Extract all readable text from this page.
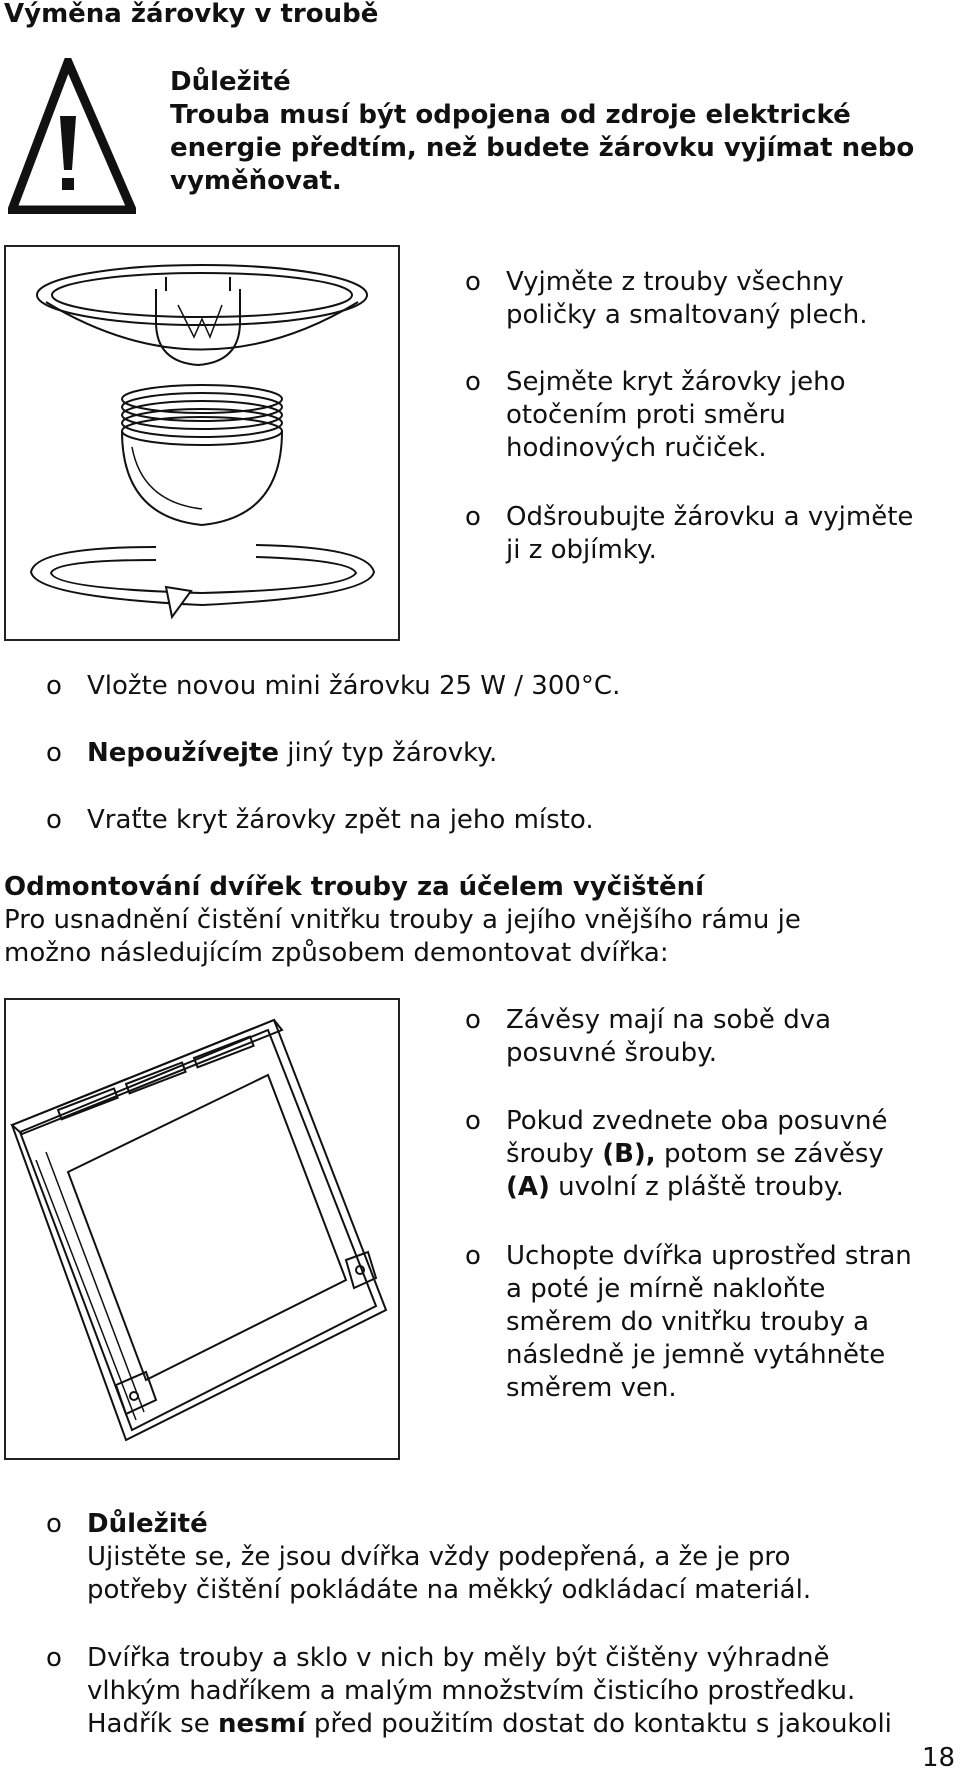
Výměna žárovky v troubě
Důležité
Trouba musí být odpojena od zdroje elektrické
energie předtím, než budete žárovku vyjímat nebo
vyměňovat.
o Vyjměte z trouby všechny
poličky a smaltovaný plech.
o Sejměte kryt žárovky jeho
otočením proti směru
hodinových ručiček.
o Odšroubujte žárovku a vyjměte
ji z objímky.
o Vložte novou mini žárovku 25 W / 300°C.
o Nepoužívejte jiný typ žárovky.
o Vraťte kryt žárovky zpět na jeho místo.
Odmontování dvířek trouby za účelem vyčištění
Pro usnadnění čistění vnitřku trouby a jejího vnějšího rámu je
možno následujícím způsobem demontovat dvířka:
o Závěsy mají na sobě dva
posuvné šrouby.
o Pokud zvednete oba posuvné
šrouby (B), potom se závěsy
(A) uvolní z pláště trouby.
o Uchopte dvířka uprostřed stran
a poté je mírně nakloňte
směrem do vnitřku trouby a
následně je jemně vytáhněte
směrem ven.
o Důležité
Ujistěte se, že jsou dvířka vždy podepřená, a že je pro
potřeby čištění pokládáte na měkký odkládací materiál.
o Dvířka trouby a sklo v nich by měly být čištěny výhradně
vlhkým hadříkem a malým množstvím čisticího prostředku.
Hadřík se nesmí před použitím dostat do kontaktu s jakoukoli
18
